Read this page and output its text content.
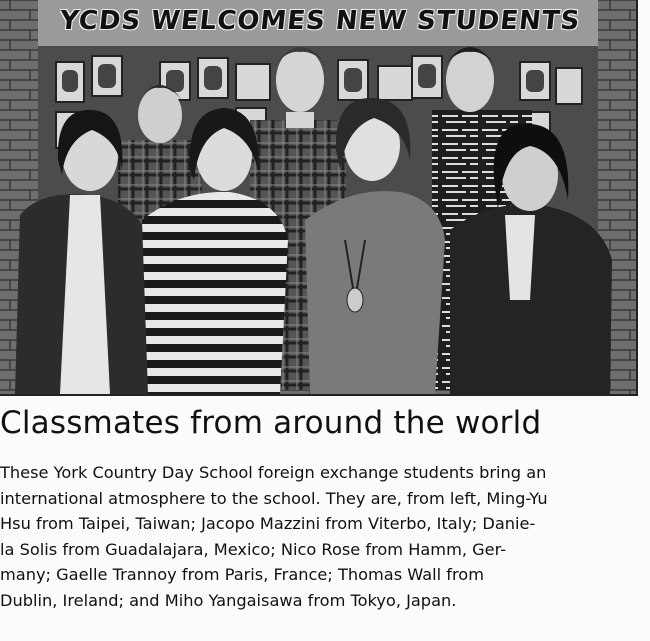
YCDS WELCOMES NEW STUDENTS
Classmates from around the world
These York Country Day School foreign exchange students bring an
international atmosphere to the school. They are, from left, Ming-Yu
Hsu from Taipei, Taiwan; Jacopo Mazzini from Viterbo, Italy; Danie-
la Solis from Guadalajara, Mexico; Nico Rose from Hamm, Ger-
many; Gaelle Trannoy from Paris, France; Thomas Wall from
Dublin, Ireland; and Miho Yangaisawa from Tokyo, Japan.
